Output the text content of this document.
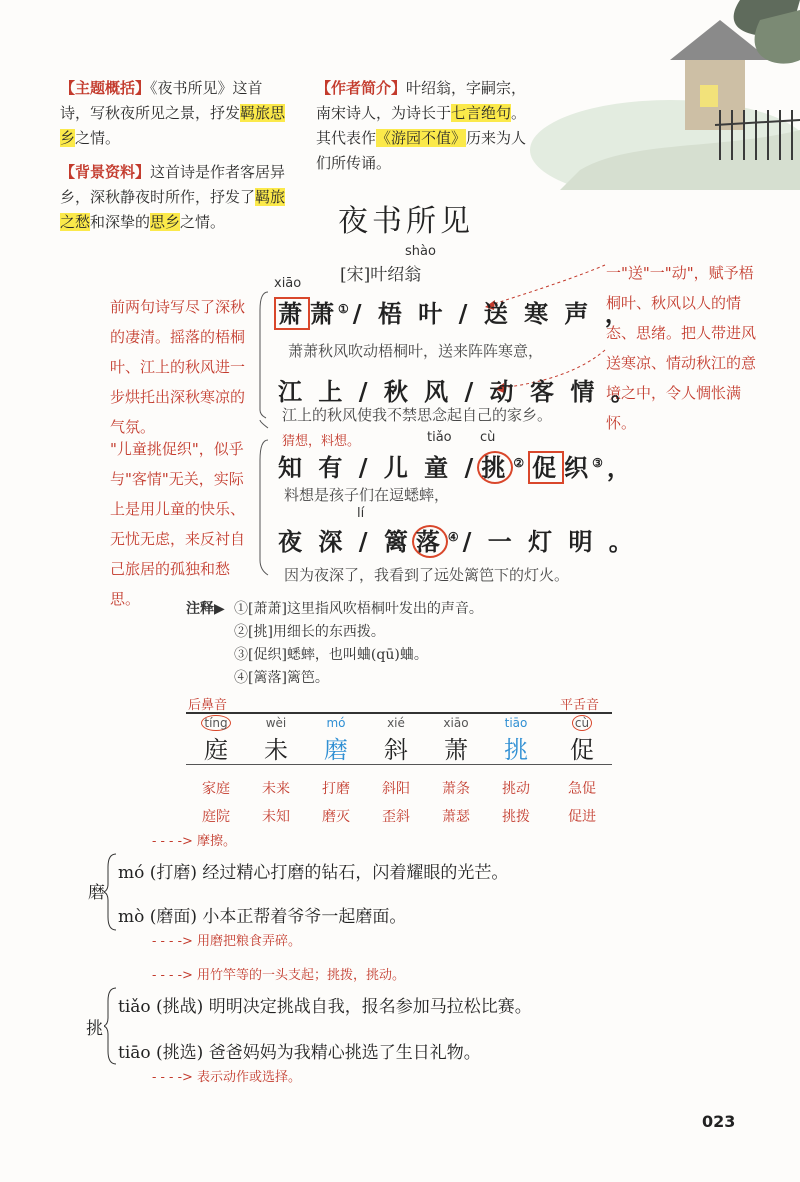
【主题概括】《夜书所见》这首诗，写秋夜所见之景，抒发羁旅思乡之情。
【背景资料】这首诗是作者客居异乡，深秋静夜时所作，抒发了羁旅之愁和深挚的思乡之情。
【作者简介】叶绍翁，字嗣宗，南宋诗人，为诗长于七言绝句。其代表作《游园不值》历来为人们所传诵。
夜书所见
shào
[宋]叶绍翁
前两句诗写尽了深秋的凄清。摇落的梧桐叶、江上的秋风进一步烘托出深秋寒凉的气氛。
"儿童挑促织"，似乎与"客情"无关，实际上是用儿童的快乐、无忧无虑，来反衬自己旅居的孤独和愁思。
一"送"一"动"，赋予梧桐叶、秋风以人的情态、思绪。把人带进风送寒凉、情动秋江的意境之中，令人惆怅满怀。
xiāo
萧 萧①/ 梧 叶 / 送 寒 声 ，
萧萧秋风吹动梧桐叶，送来阵阵寒意，
江 上 / 秋 风 / 动 客 情 。
江上的秋风使我不禁思念起自己的家乡。
猜想，料想。	tiǎo cù
知 有 / 儿 童 / 挑 ② 促 织③，
料想是孩子们在逗蟋蟀，
lí
夜 深 / 篱 落 ④/ 一 灯 明 。
因为夜深了，我看到了远处篱笆下的灯火。
注释▶ ①[萧萧]这里指风吹梧桐叶发出的声音。
②[挑]用细长的东西拨。
③[促织]蟋蟀，也叫蛐(qū)蛐。
④[篱落]篱笆。
后鼻音	平舌音
tíng
庭
家庭
庭院
wèi
未
未来
未知
mó
磨
打磨
磨灭
xié
斜
斜阳
歪斜
xiāo
萧
萧条
萧瑟
tiāo
挑
挑动
挑拨
cù
促
急促
促进
- - - -> 摩擦。
磨
mó (打磨) 经过精心打磨的钻石，闪着耀眼的光芒。
mò (磨面) 小本正帮着爷爷一起磨面。
- - - -> 用磨把粮食弄碎。
- - - -> 用竹竿等的一头支起；挑拨，挑动。
挑
tiǎo (挑战) 明明决定挑战自我，报名参加马拉松比赛。
tiāo (挑选) 爸爸妈妈为我精心挑选了生日礼物。
- - - -> 表示动作或选择。
023
